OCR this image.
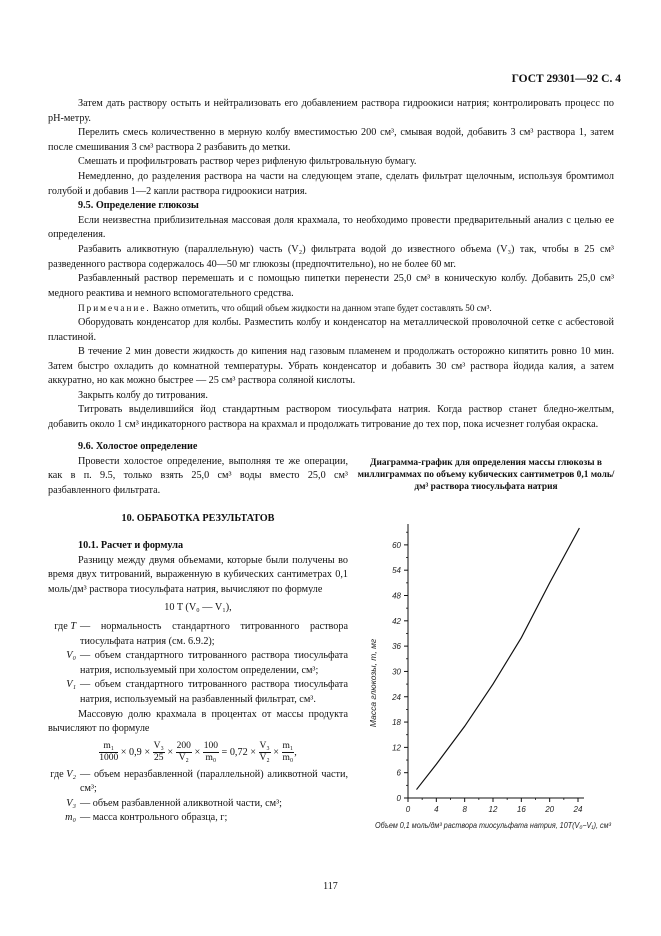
ГОСТ 29301—92 С. 4

Затем дать раствору остыть и нейтрализовать его добавлением раствора гидроокиси натрия; контролировать процесс по рН-метру.

Перелить смесь количественно в мерную колбу вместимостью 200 см³, смывая водой, добавить 3 см³ раствора 1, затем после смешивания 3 см³ раствора 2 разбавить до метки.

Смешать и профильтровать раствор через рифленую фильтровальную бумагу.

Немедленно, до разделения раствора на части на следующем этапе, сделать фильтрат щелочным, используя бромтимол голубой и добавив 1—2 капли раствора гидроокиси натрия.

9.5. Определение глюкозы

Если неизвестна приблизительная массовая доля крахмала, то необходимо провести предварительный анализ с целью ее определения.

Разбавить аликвотную (параллельную) часть (V₂) фильтрата водой до известного объема (V₃) так, чтобы в 25 см³ разведенного раствора содержалось 40—50 мг глюкозы (предпочтительно), но не более 60 мг.

Разбавленный раствор перемешать и с помощью пипетки перенести 25,0 см³ в коническую колбу. Добавить 25,0 см³ медного реактива и немного вспомогательного средства.

Примечание. Важно отметить, что общий объем жидкости на данном этапе будет составлять 50 см³.

Оборудовать конденсатор для колбы. Разместить колбу и конденсатор на металлической проволочной сетке с асбестовой пластиной.

В течение 2 мин довести жидкость до кипения над газовым пламенем и продолжать осторожно кипятить ровно 10 мин. Затем быстро охладить до комнатной температуры. Убрать конденсатор и добавить 30 см³ раствора йодида калия, а затем аккуратно, но как можно быстрее — 25 см³ раствора соляной кислоты.

Закрыть колбу до титрования.

Титровать выделившийся йод стандартным раствором тиосульфата натрия. Когда раствор станет бледно-желтым, добавить около 1 см³ индикаторного раствора на крахмал и продолжать титрование до тех пор, пока исчезнет голубая окраска.

9.6. Холостое определение

Провести холостое определение, выполняя те же операции, как в п. 9.5, только взять 25,0 см³ воды вместо 25,0 см³ разбавленного фильтрата.

10. ОБРАБОТКА РЕЗУЛЬТАТОВ

10.1. Расчет и формула

Разницу между двумя объемами, которые были получены во время двух титрований, выраженную в кубических сантиметрах 0,1 моль/дм³ раствора тиосульфата натрия, вычисляют по формуле

10 T (V₀ — V₁),

где T — нормальность стандартного титрованного раствора тиосульфата натрия (см. 6.9.2);
V₀ — объем стандартного титрованного раствора тиосульфата натрия, используемый при холостом определении, см³;
V₁ — объем стандартного титрованного раствора тиосульфата натрия, используемый на разбавленный фильтрат, см³.

Массовую долю крахмала в процентах от массы продукта вычисляют по формуле

$\frac{\text{m₁}}{1000} \times 0,9 \times \frac{\text{V₃}}{25} \times \frac{200}{\text{V₂}} \times \frac{100}{\text{m₀}} = 0,72 \times \frac{\text{V₃}}{\text{V₂}} \times \frac{\text{m₁}}{\text{m₀}}$ ,
где V₂ — объем неразбавленной (параллельной) аликвотной части, см³;
V₃ — объем разбавленной аликвотной части, см³;
m₀ — масса контрольного образца, г;
Диаграмма-график для определения массы глюкозы в миллиграммах по объему кубических сантиметров 0,1 моль/дм³ раствора тиосульфата натрия
0
6
12
18
24
30
36
42
48
54
60
0	4	8	12 16 20 24
Масса глюкозы, m, мг
Объем 0,1 моль/дм³ раствора тиосульфата натрия, 10T(V₀−V₁), см³
117
